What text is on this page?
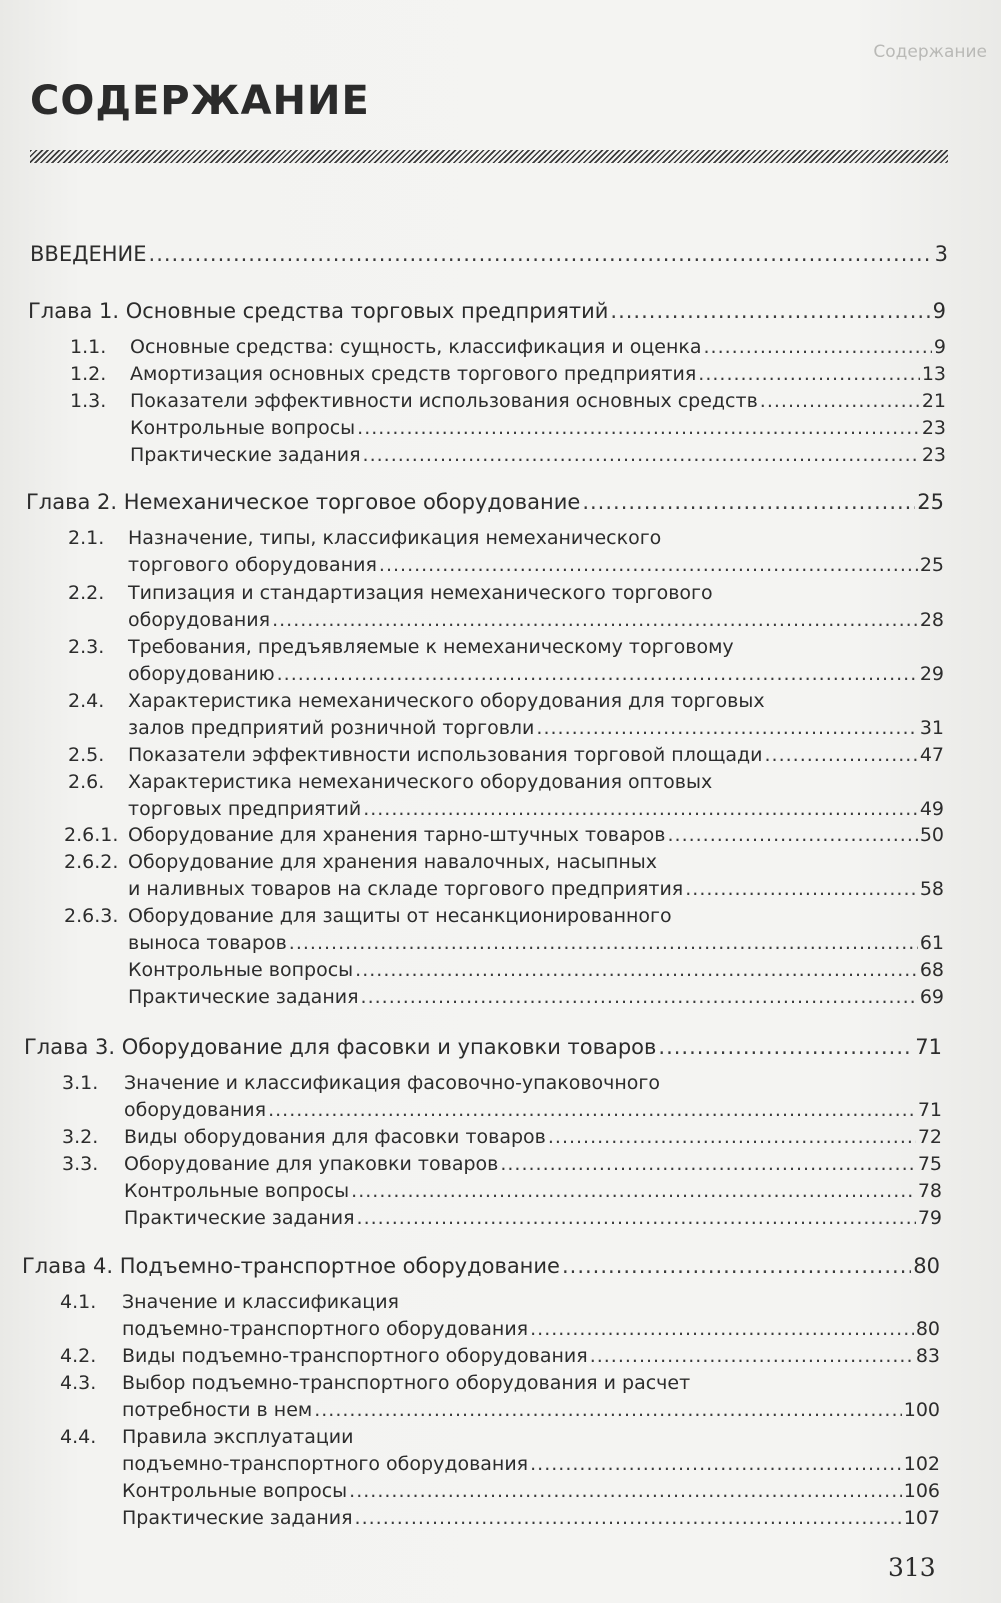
Содержание
СОДЕРЖАНИЕ
ВВЕДЕНИЕ .....	3
Глава 1. Основные средства торговых предприятий .....	9
1.1.	Основные средства: сущность, классификация и оценка .....	9
1.2.	Амортизация основных средств торгового предприятия .....	13
1.3.	Показатели эффективности использования основных средств .....	21
Контрольные вопросы .....	23
Практические задания .....	23
Глава 2. Немеханическое торговое оборудование .....	25
2.1. Назначение, типы, классификация немеханического
торгового оборудования .....	25
2.2. Типизация и стандартизация немеханического торгового
оборудования .....	28
2.3. Требования, предъявляемые к немеханическому торговому
оборудованию .....	29
2.4. Характеристика немеханического оборудования для торговых
залов предприятий розничной торговли .....	31
2.5.	Показатели эффективности использования торговой площади .....	47
2.6. Характеристика немеханического оборудования оптовых
торговых предприятий .....	49
2.6.1. Оборудование для хранения тарно-штучных товаров .....	50
2.6.2. Оборудование для хранения навалочных, насыпных
и наливных товаров на складе торгового предприятия .....	58
2.6.3. Оборудование для защиты от несанкционированного
выноса товаров .....	61
Контрольные вопросы .....	68
Практические задания .....	69
Глава 3. Оборудование для фасовки и упаковки товаров .....	71
3.1. Значение и классификация фасовочно-упаковочного
оборудования .....	71
3.2.	Виды оборудования для фасовки товаров .....	72
3.3.	Оборудование для упаковки товаров .....	75
Контрольные вопросы .....	78
Практические задания .....	79
Глава 4. Подъемно-транспортное оборудование .....	80
4.1. Значение и классификация
подъемно-транспортного оборудования .....	80
4.2.	Виды подъемно-транспортного оборудования .....	83
4.3. Выбор подъемно-транспортного оборудования и расчет
потребности в нем .....	100
4.4. Правила эксплуатации
подъемно-транспортного оборудования .....	102
Контрольные вопросы .....	106
Практические задания .....	107
313
